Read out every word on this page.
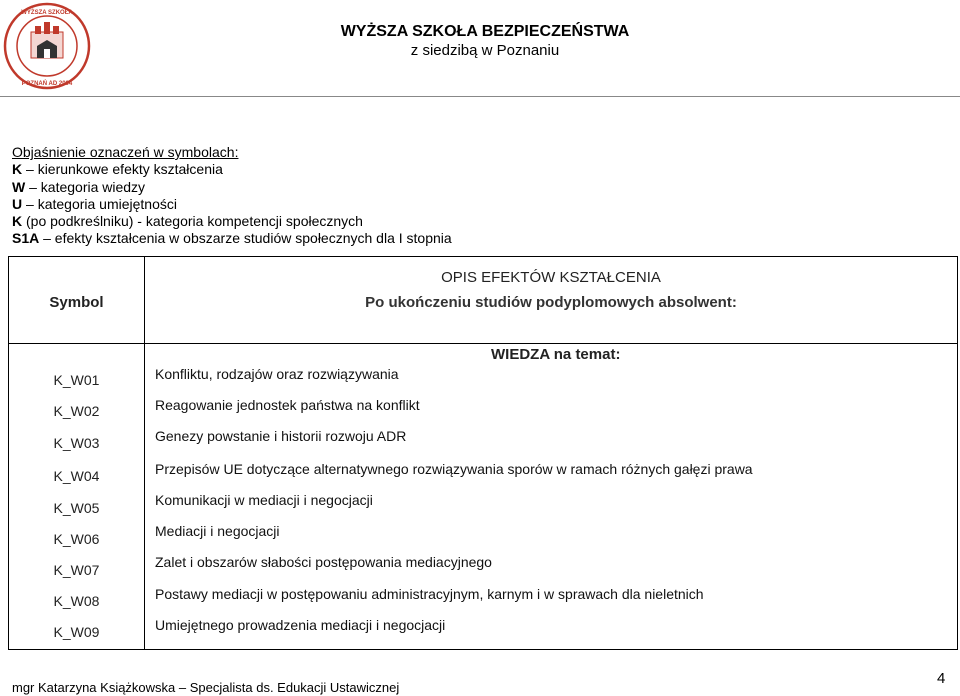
WYŻSZA SZKOŁA
POZNAŃ AD 2004
WYŻSZA SZKOŁA BEZPIECZEŃSTWA
z siedzibą w Poznaniu
Objaśnienie oznaczeń w symbolach:
K – kierunkowe efekty kształcenia
W – kategoria wiedzy
U – kategoria umiejętności
K (po podkreślniku) - kategoria kompetencji społecznych
S1A – efekty kształcenia w obszarze studiów społecznych dla I stopnia
Symbol
OPIS EFEKTÓW KSZTAŁCENIA
Po ukończeniu studiów podyplomowych absolwent:
WIEDZA na temat:
K_W01	Konfliktu, rodzajów oraz rozwiązywania
K_W02	Reagowanie jednostek państwa na konflikt
K_W03	Genezy powstanie i historii rozwoju ADR
K_W04	Przepisów UE dotyczące alternatywnego rozwiązywania sporów w ramach różnych gałęzi prawa
K_W05	Komunikacji w mediacji i negocjacji
K_W06	Mediacji i negocjacji
K_W07	Zalet i obszarów słabości postępowania mediacyjnego
K_W08	Postawy mediacji w postępowaniu administracyjnym, karnym i w sprawach dla nieletnich
K_W09	Umiejętnego prowadzenia mediacji i negocjacji
mgr Katarzyna Książkowska – Specjalista ds. Edukacji Ustawicznej
4
